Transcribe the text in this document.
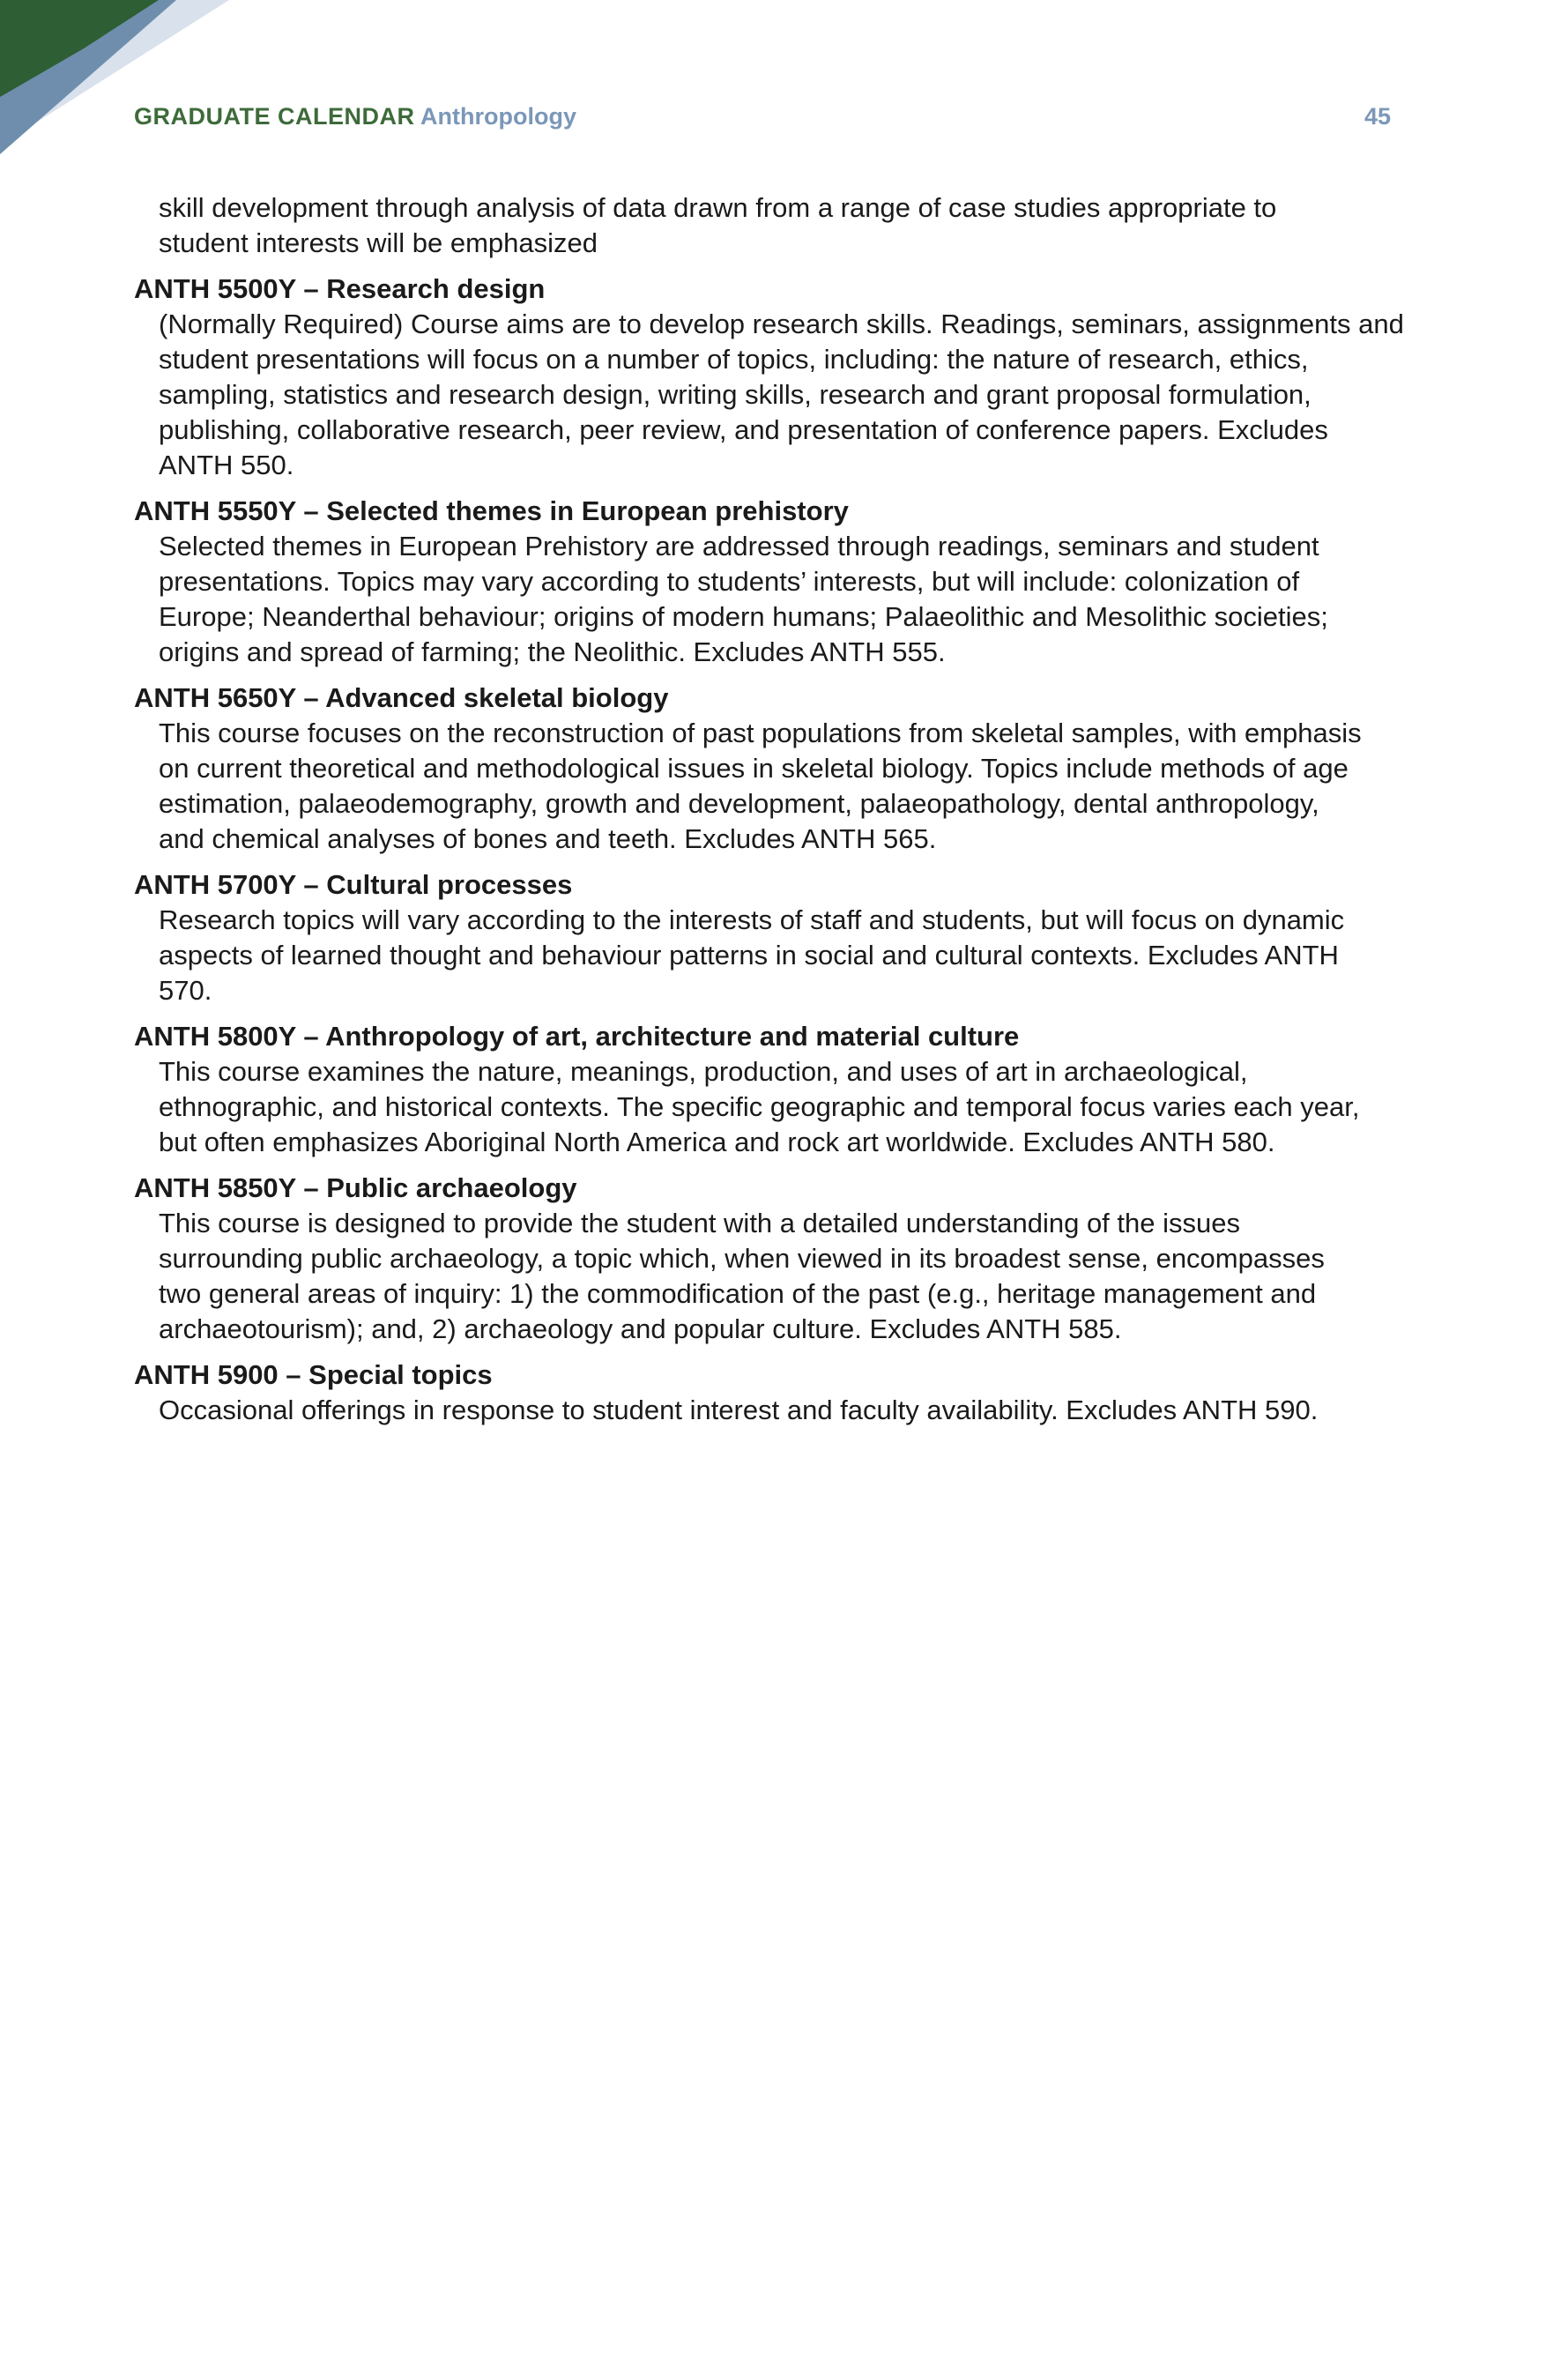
GRADUATE CALENDAR Anthropology	45
skill development through analysis of data drawn from a range of case studies appropriate to
student interests will be emphasized
ANTH 5500Y – Research design
(Normally Required) Course aims are to develop research skills. Readings, seminars, assignments and
student presentations will focus on a number of topics, including: the nature of research, ethics,
sampling, statistics and research design, writing skills, research and grant proposal formulation,
publishing, collaborative research, peer review, and presentation of conference papers. Excludes
ANTH 550.
ANTH 5550Y – Selected themes in European prehistory
Selected themes in European Prehistory are addressed through readings, seminars and student
presentations. Topics may vary according to students’ interests, but will include: colonization of
Europe; Neanderthal behaviour; origins of modern humans; Palaeolithic and Mesolithic societies;
origins and spread of farming; the Neolithic. Excludes ANTH 555.
ANTH 5650Y – Advanced skeletal biology
This course focuses on the reconstruction of past populations from skeletal samples, with emphasis
on current theoretical and methodological issues in skeletal biology. Topics include methods of age
estimation, palaeodemography, growth and development, palaeopathology, dental anthropology,
and chemical analyses of bones and teeth. Excludes ANTH 565.
ANTH 5700Y – Cultural processes
Research topics will vary according to the interests of staff and students, but will focus on dynamic
aspects of learned thought and behaviour patterns in social and cultural contexts. Excludes ANTH
570.
ANTH 5800Y – Anthropology of art, architecture and material culture
This course examines the nature, meanings, production, and uses of art in archaeological,
ethnographic, and historical contexts. The specific geographic and temporal focus varies each year,
but often emphasizes Aboriginal North America and rock art worldwide. Excludes ANTH 580.
ANTH 5850Y – Public archaeology
This course is designed to provide the student with a detailed understanding of the issues
surrounding public archaeology, a topic which, when viewed in its broadest sense, encompasses
two general areas of inquiry: 1) the commodification of the past (e.g., heritage management and
archaeotourism); and, 2) archaeology and popular culture. Excludes ANTH 585.
ANTH 5900 – Special topics
Occasional offerings in response to student interest and faculty availability. Excludes ANTH 590.
